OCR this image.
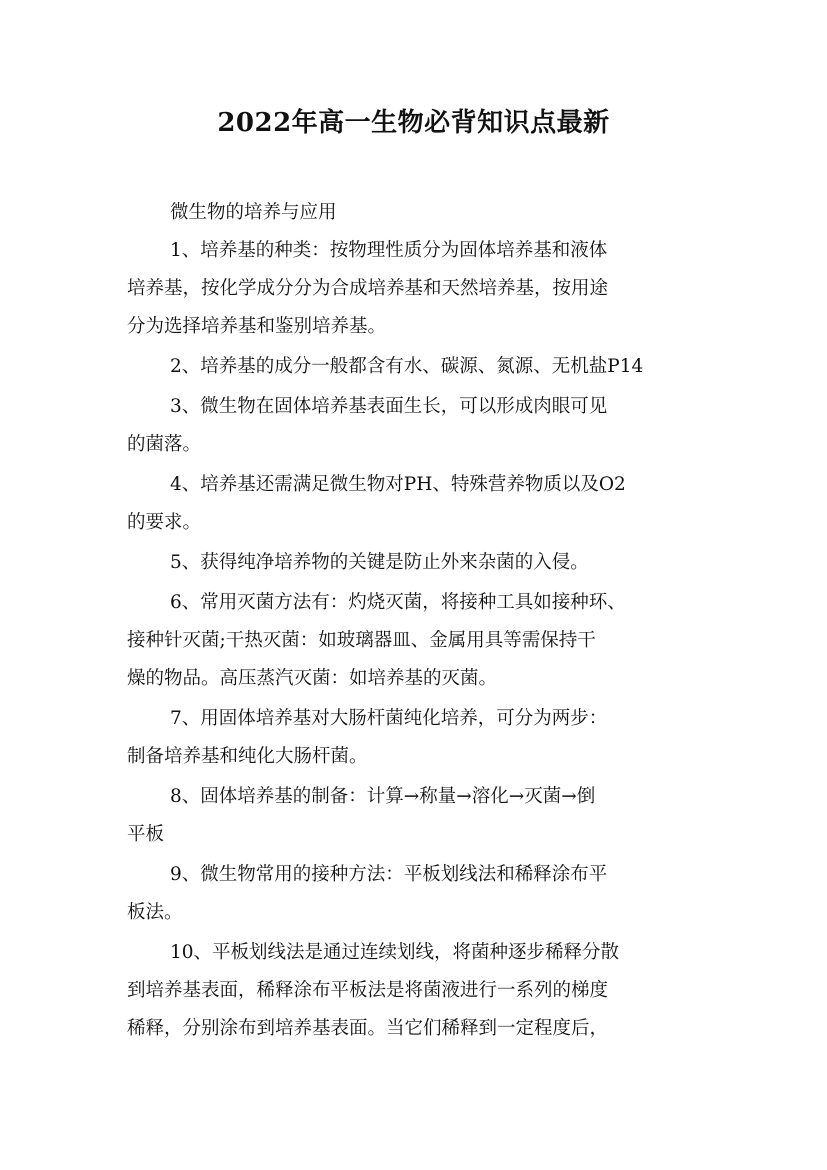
2022年高一生物必背知识点最新
微生物的培养与应用
1、培养基的种类：按物理性质分为固体培养基和液体
培养基，按化学成分分为合成培养基和天然培养基，按用途
分为选择培养基和鉴别培养基。
2、培养基的成分一般都含有水、碳源、氮源、无机盐P14
3、微生物在固体培养基表面生长，可以形成肉眼可见
的菌落。
4、培养基还需满足微生物对PH、特殊营养物质以及O2
的要求。
5、获得纯净培养物的关键是防止外来杂菌的入侵。
6、常用灭菌方法有：灼烧灭菌，将接种工具如接种环、
接种针灭菌;干热灭菌：如玻璃器皿、金属用具等需保持干
燥的物品。高压蒸汽灭菌：如培养基的灭菌。
7、用固体培养基对大肠杆菌纯化培养，可分为两步：
制备培养基和纯化大肠杆菌。
8、固体培养基的制备：计算→称量→溶化→灭菌→倒
平板
9、微生物常用的接种方法：平板划线法和稀释涂布平
板法。
10、平板划线法是通过连续划线，将菌种逐步稀释分散
到培养基表面，稀释涂布平板法是将菌液进行一系列的梯度
稀释，分别涂布到培养基表面。当它们稀释到一定程度后，
